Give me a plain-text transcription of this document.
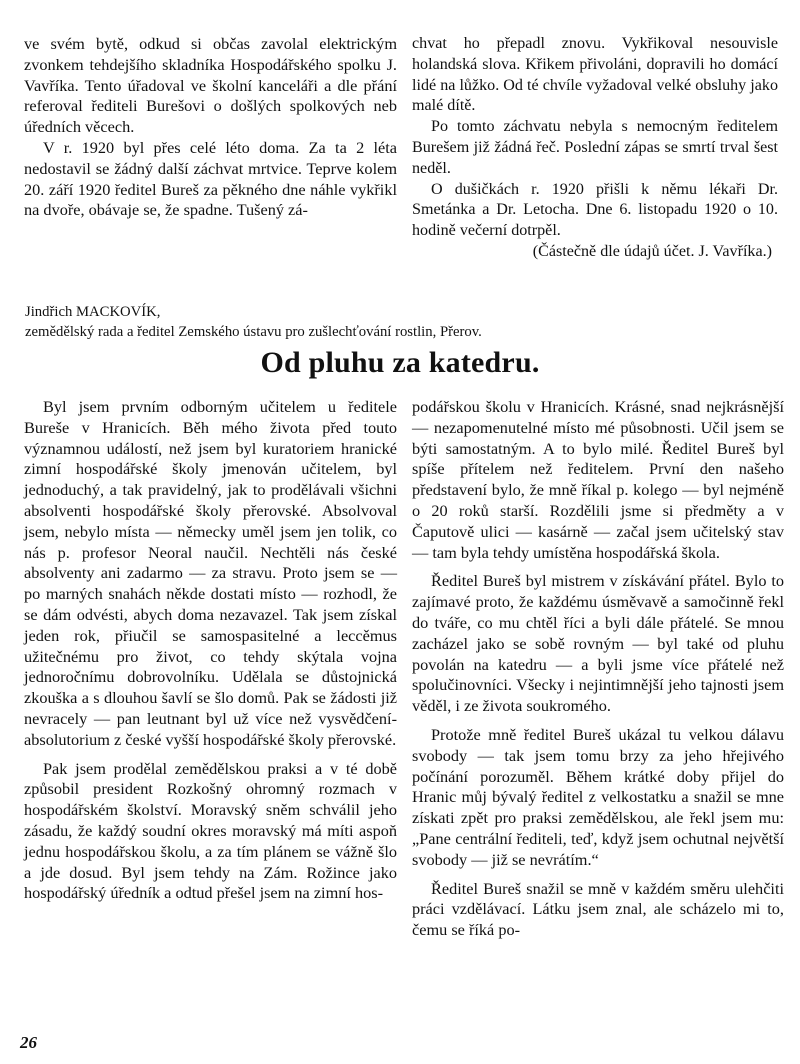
ve svém bytě, odkud si občas zavolal elektrickým zvonkem tehdejšího skladníka Hospodářského spolku J. Vavříka. Tento úřadoval ve školní kanceláři a dle přání referoval řediteli Burešovi o došlých spolkových neb úředních věcech.

V r. 1920 byl přes celé léto doma. Za ta 2 léta nedostavil se žádný další záchvat mrtvice. Teprve kolem 20. září 1920 ředitel Bureš za pěkného dne náhle vykřikl na dvoře, obávaje se, že spadne. Tušený zá-

chvat ho přepadl znovu. Vykřikoval nesouvisle holandská slova. Křikem přivoláni, dopravili ho domácí lidé na lůžko. Od té chvíle vyžadoval velké obsluhy jako malé dítě.

Po tomto záchvatu nebyla s nemocným ředitelem Burešem již žádná řeč. Poslední zápas se smrtí trval šest neděl.

O dušičkách r. 1920 přišli k němu lékaři Dr. Smetánka a Dr. Letocha. Dne 6. listopadu 1920 o 10. hodině večerní dotrpěl.

(Částečně dle údajů účet. J. Vavříka.)

Jindřich MACKOVÍK,
zemědělský rada a ředitel Zemského ústavu pro zušlechťování rostlin, Přerov.
Od pluhu za katedru.

Byl jsem prvním odborným učitelem u ředitele Bureše v Hranicích. Běh mého života před touto významnou událostí, než jsem byl kuratoriem hranické zimní hospodářské školy jmenován učitelem, byl jednoduchý, a tak pravidelný, jak to prodělávali všichni absolventi hospodářské školy přerovské. Absolvoval jsem, nebylo místa — německy uměl jsem jen tolik, co nás p. profesor Neoral naučil. Nechtěli nás české absolventy ani zadarmo — za stravu. Proto jsem se — po marných snahách někde dostati místo — rozhodl, že se dám odvésti, abych doma nezavazel. Tak jsem získal jeden rok, přiučil se samospasitelné a leccěmus užitečnému pro život, co tehdy skýtala vojna jednoročnímu dobrovolníku. Udělala se důstojnická zkouška a s dlouhou šavlí se šlo domů. Pak se žádosti již nevracely — pan leutnant byl už více než vysvědčení-absolutorium z české vyšší hospodářské školy přerovské.

Pak jsem prodělal zemědělskou praksi a v té době způsobil president Rozkošný ohromný rozmach v hospodářském školství. Moravský sněm schválil jeho zásadu, že každý soudní okres moravský má míti aspoň jednu hospodářskou školu, a za tím plánem se vážně šlo a jde dosud. Byl jsem tehdy na Zám. Rožince jako hospodářský úředník a odtud přešel jsem na zimní hos-

podářskou školu v Hranicích. Krásné, snad nejkrásnější — nezapomenutelné místo mé působnosti. Učil jsem se býti samostatným. A to bylo milé. Ředitel Bureš byl spíše přítelem než ředitelem. První den našeho představení bylo, že mně říkal p. kolego — byl nejméně o 20 roků starší. Rozdělili jsme si předměty a v Čaputově ulici — kasárně — začal jsem učitelský stav — tam byla tehdy umístěna hospodářská škola.

Ředitel Bureš byl mistrem v získávání přátel. Bylo to zajímavé proto, že každému úsměvavě a samočinně řekl do tváře, co mu chtěl říci a byli dále přátelé. Se mnou zacházel jako se sobě rovným — byl také od pluhu povolán na katedru — a byli jsme více přátelé než spolučinovníci. Všecky i nejintimnější jeho tajnosti jsem věděl, i ze života soukromého.

Protože mně ředitel Bureš ukázal tu velkou dálavu svobody — tak jsem tomu brzy za jeho hřejivého počínání porozuměl. Během krátké doby přijel do Hranic můj bývalý ředitel z velkostatku a snažil se mne získati zpět pro praksi zemědělskou, ale řekl jsem mu: „Pane centrální řediteli, teď, když jsem ochutnal největší svobody — již se nevrátím.“

Ředitel Bureš snažil se mně v každém směru ulehčiti práci vzdělávací. Látku jsem znal, ale scházelo mi to, čemu se říká po-

26
